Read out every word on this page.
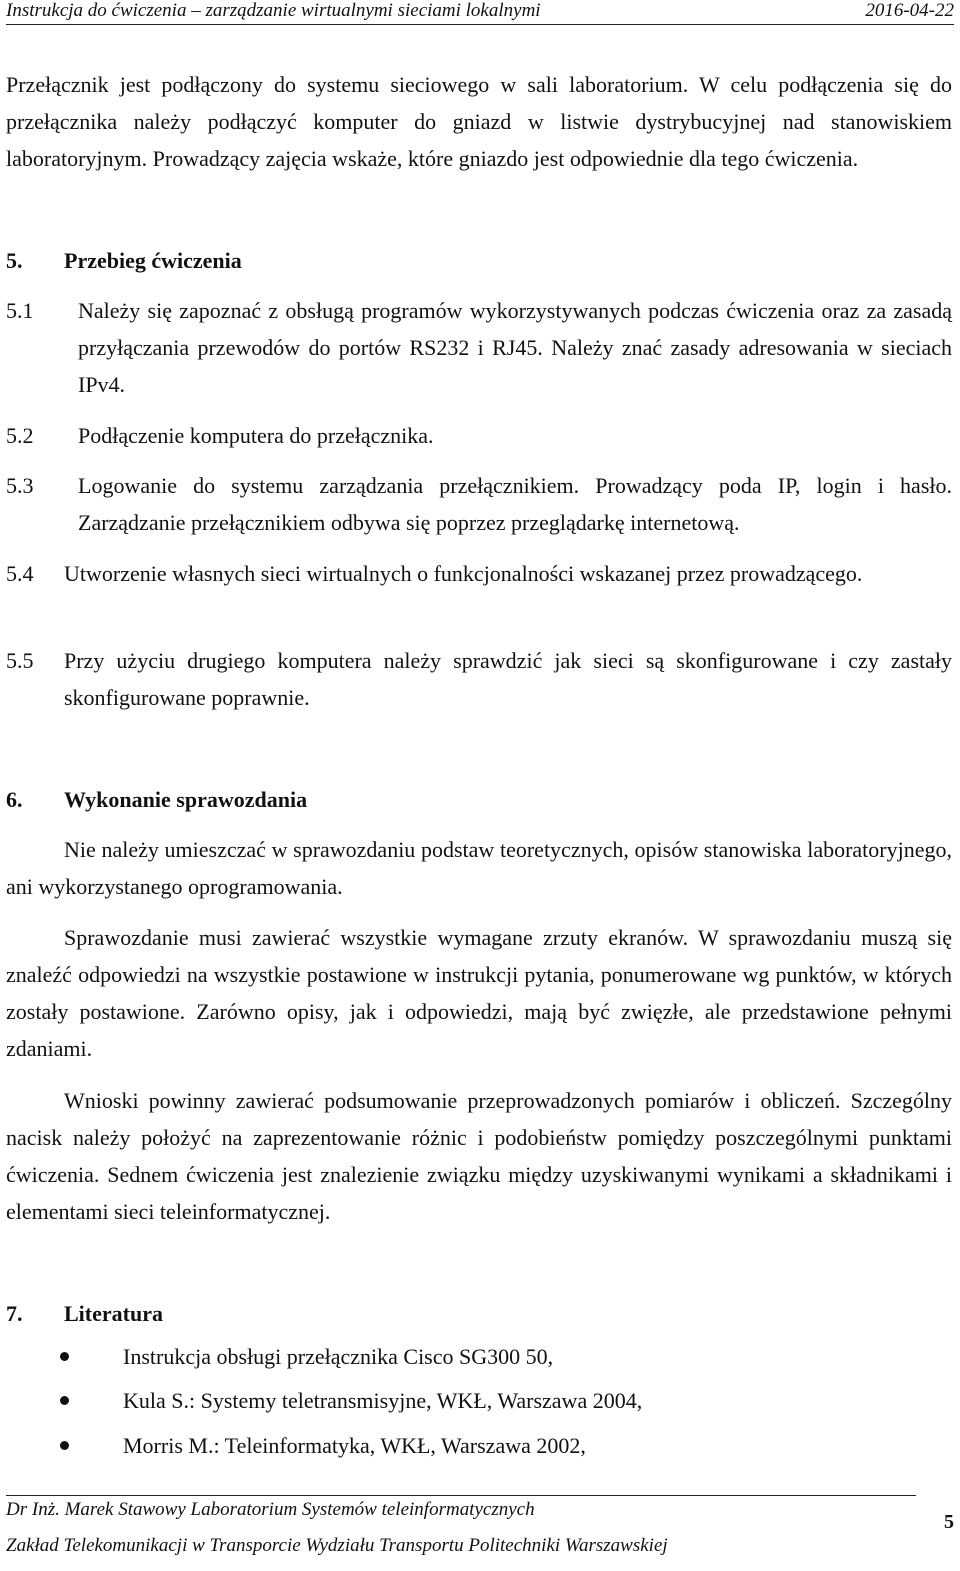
Instrukcja do ćwiczenia – zarządzanie wirtualnymi sieciami lokalnymi	2016-04-22

Przełącznik jest podłączony do systemu sieciowego w sali laboratorium. W celu podłączenia się do przełącznika należy podłączyć komputer do gniazd w listwie dystrybucyjnej nad stanowiskiem laboratoryjnym. Prowadzący zajęcia wskaże, które gniazdo jest odpowiednie dla tego ćwiczenia.

5. Przebieg ćwiczenia
5.1 Należy się zapoznać z obsługą programów wykorzystywanych podczas ćwiczenia oraz za zasadą przyłączania przewodów do portów RS232 i RJ45. Należy znać zasady adresowania w sieciach IPv4.
5.2 Podłączenie komputera do przełącznika.
5.3 Logowanie do systemu zarządzania przełącznikiem. Prowadzący poda IP, login i hasło. Zarządzanie przełącznikiem odbywa się poprzez przeglądarkę internetową.
5.4 Utworzenie własnych sieci wirtualnych o funkcjonalności wskazanej przez prowadzącego.
5.5 Przy użyciu drugiego komputera należy sprawdzić jak sieci są skonfigurowane i czy zastały skonfigurowane poprawnie.
6. Wykonanie sprawozdania

Nie należy umieszczać w sprawozdaniu podstaw teoretycznych, opisów stanowiska laboratoryjnego, ani wykorzystanego oprogramowania.

Sprawozdanie musi zawierać wszystkie wymagane zrzuty ekranów. W sprawozdaniu muszą się znaleźć odpowiedzi na wszystkie postawione w instrukcji pytania, ponumerowane wg punktów, w których zostały postawione. Zarówno opisy, jak i odpowiedzi, mają być zwięzłe, ale przedstawione pełnymi zdaniami.

Wnioski powinny zawierać podsumowanie przeprowadzonych pomiarów i obliczeń. Szczególny nacisk należy położyć na zaprezentowanie różnic i podobieństw pomiędzy poszczególnymi punktami ćwiczenia. Sednem ćwiczenia jest znalezienie związku między uzyskiwanymi wynikami a składnikami i elementami sieci teleinformatycznej.

7. Literatura
Instrukcja obsługi przełącznika Cisco SG300 50,
Kula S.: Systemy teletransmisyjne, WKŁ, Warszawa 2004,
Morris M.: Teleinformatyka, WKŁ, Warszawa 2002,
Dr Inż. Marek Stawowy Laboratorium Systemów teleinformatycznych
Zakład Telekomunikacji w Transporcie Wydziału Transportu Politechniki Warszawskiej
5
